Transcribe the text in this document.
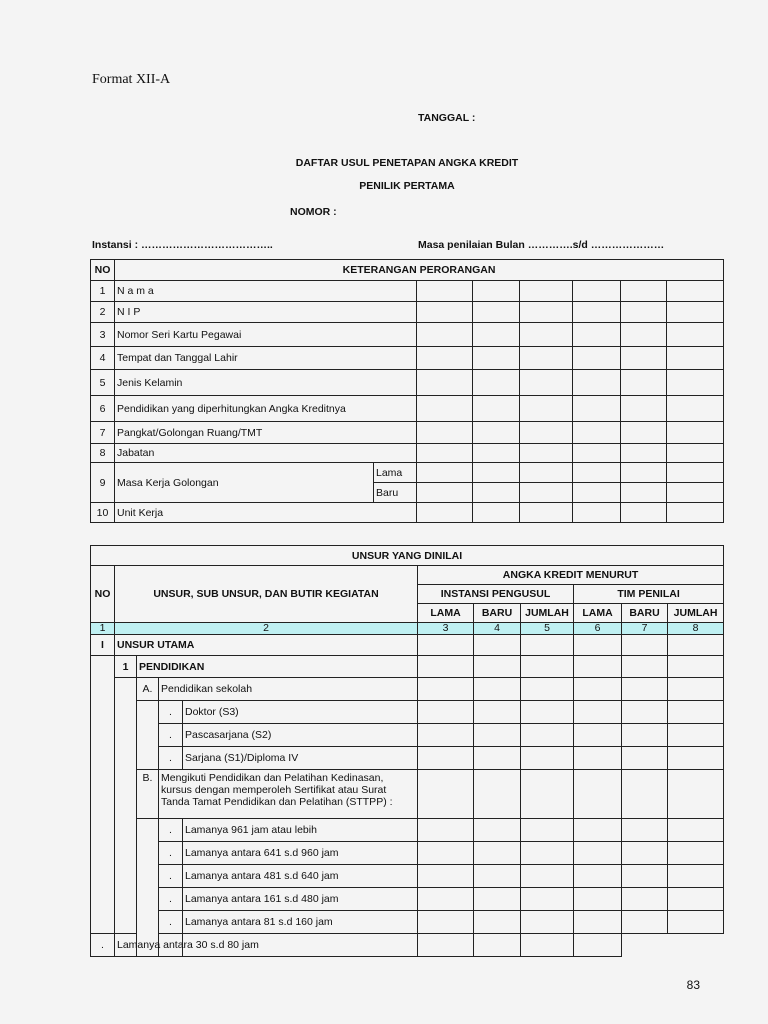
Format XII-A
TANGGAL :
DAFTAR USUL PENETAPAN ANGKA KREDIT
PENILIK PERTAMA
NOMOR :
Instansi : ………………………………..	Masa penilaian Bulan ………….s/d …………………
NO	KETERANGAN PERORANGAN							
1	N a m a							
2	N I P							
3	Nomor Seri Kartu Pegawai							
4	Tempat dan Tanggal Lahir							
5	Jenis Kelamin							
6	Pendidikan yang diperhitungkan Angka Kreditnya							
7	Pangkat/Golongan Ruang/TMT							
8	Jabatan							
9	Masa Kerja Golongan	Lama						
		Baru						
10	Unit Kerja							
UNSUR YANG DINILAI										
NO	UNSUR, SUB UNSUR, DAN BUTIR KEGIATAN				ANGKA KREDIT MENURUT					
					INSTANSI PENGUSUL			TIM PENILAI		
					LAMA	BARU	JUMLAH	LAMA	BARU	JUMLAH
1	2				3	4	5	6	7	8
I	UNSUR UTAMA									
	1	PENDIDIKAN								
		A.	Pendidikan sekolah							
			.	Doktor (S3)						
			.	Pascasarjana (S2)						
			.	Sarjana (S1)/Diploma IV						
		B.	Mengikuti Pendidikan dan Pelatihan Kedinasan, kursus dengan memperoleh Sertifikat atau Surat Tanda Tamat Pendidikan dan Pelatihan (STTPP) :							
			.	Lamanya 961 jam atau lebih						
			.	Lamanya antara 641 s.d 960 jam						
			.	Lamanya antara 481 s.d 640 jam						
			.	Lamanya antara 161 s.d 480 jam						
			.	Lamanya antara 81 s.d 160 jam						
.	Lamanya antara 30 s.d 80 jam									
83
